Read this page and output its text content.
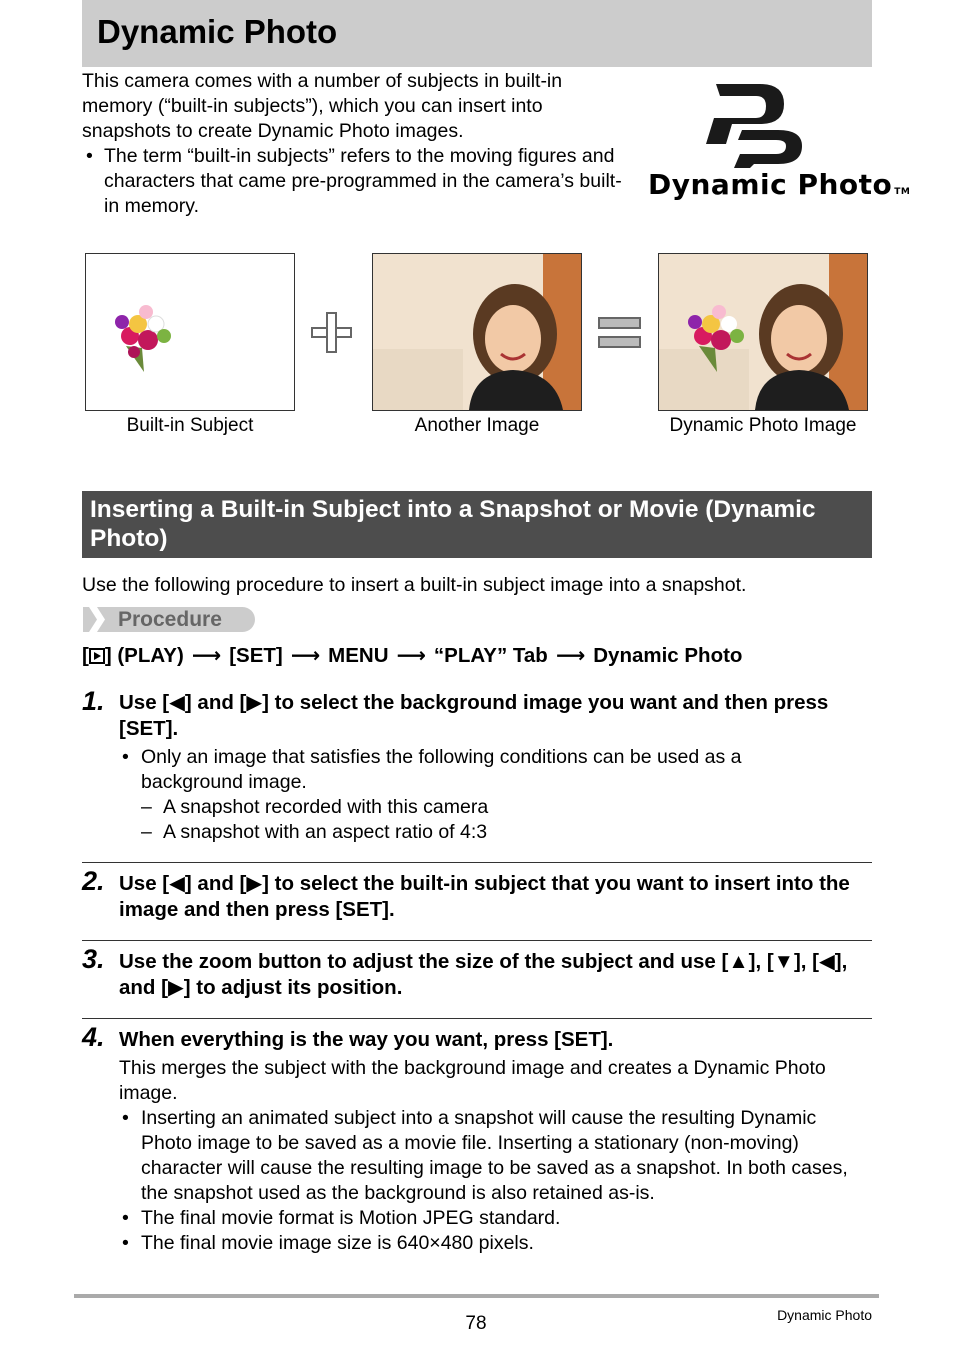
Dynamic Photo

This camera comes with a number of subjects in built-in memory (“built-in subjects”), which you can insert into snapshots to create Dynamic Photo images.

• The term “built-in subjects” refers to the moving figures and characters that came pre-programmed in the camera’s built-in memory.

Dynamic Photo TM
Built-in Subject	Another Image	Dynamic Photo Image
Inserting a Built-in Subject into a Snapshot or Movie (Dynamic Photo)
Use the following procedure to insert a built-in subject image into a snapshot.
Procedure
[ ] (PLAY) ⟶ [SET] ⟶ MENU ⟶ “PLAY” Tab ⟶ Dynamic Photo
1. Use [◀] and [▶] to select the background image you want and then press [SET].
• Only an image that satisfies the following conditions can be used as a background image.
– A snapshot recorded with this camera
– A snapshot with an aspect ratio of 4:3
2. Use [◀] and [▶] to select the built-in subject that you want to insert into the image and then press [SET].
3. Use the zoom button to adjust the size of the subject and use [▲], [▼], [◀], and [▶] to adjust its position.
4. When everything is the way you want, press [SET].
This merges the subject with the background image and creates a Dynamic Photo image.
• Inserting an animated subject into a snapshot will cause the resulting Dynamic Photo image to be saved as a movie file. Inserting a stationary (non-moving) character will cause the resulting image to be saved as a snapshot. In both cases, the snapshot used as the background is also retained as-is.
• The final movie format is Motion JPEG standard.
• The final movie image size is 640×480 pixels.
78	Dynamic Photo
